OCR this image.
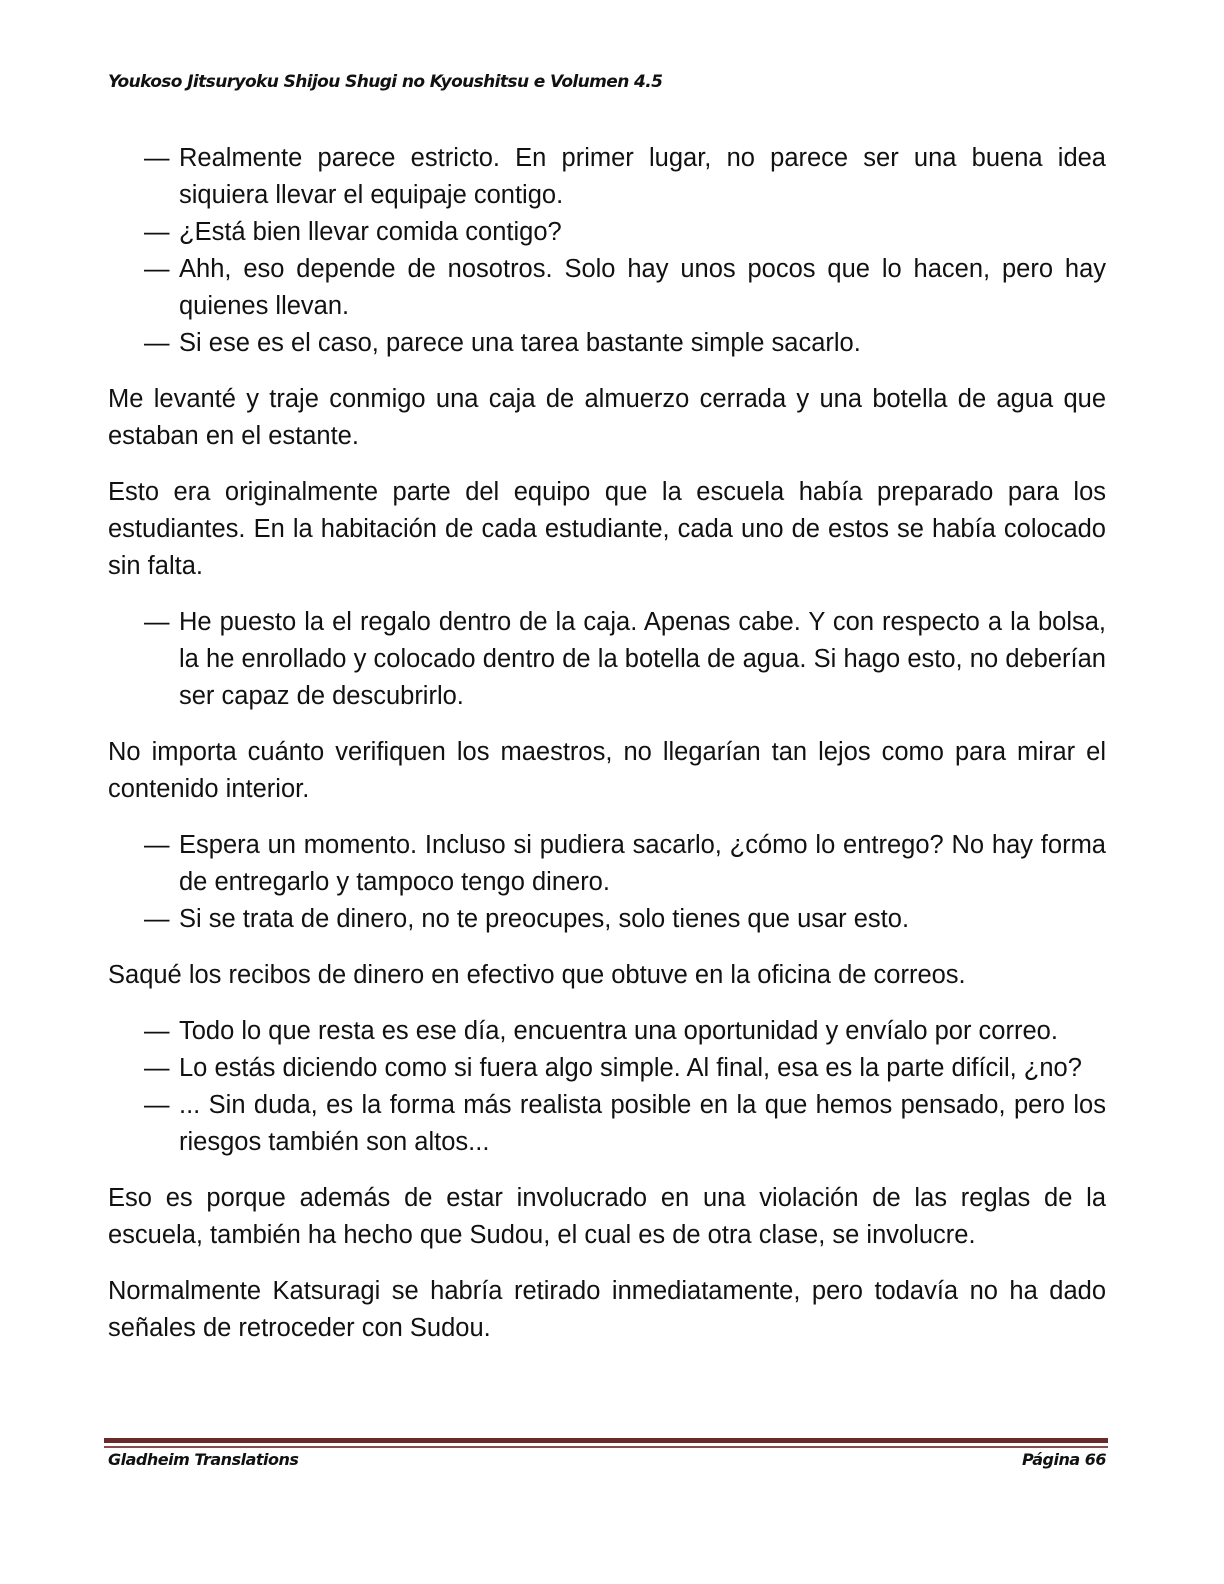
Youkoso Jitsuryoku Shijou Shugi no Kyoushitsu e Volumen 4.5
— Realmente parece estricto. En primer lugar, no parece ser una buena idea siquiera llevar el equipaje contigo.
— ¿Está bien llevar comida contigo?
— Ahh, eso depende de nosotros. Solo hay unos pocos que lo hacen, pero hay quienes llevan.
— Si ese es el caso, parece una tarea bastante simple sacarlo.

Me levanté y traje conmigo una caja de almuerzo cerrada y una botella de agua que estaban en el estante.

Esto era originalmente parte del equipo que la escuela había preparado para los estudiantes. En la habitación de cada estudiante, cada uno de estos se había colocado sin falta.

— He puesto la el regalo dentro de la caja. Apenas cabe. Y con respecto a la bolsa, la he enrollado y colocado dentro de la botella de agua. Si hago esto, no deberían ser capaz de descubrirlo.

No importa cuánto verifiquen los maestros, no llegarían tan lejos como para mirar el contenido interior.

— Espera un momento. Incluso si pudiera sacarlo, ¿cómo lo entrego? No hay forma de entregarlo y tampoco tengo dinero.
— Si se trata de dinero, no te preocupes, solo tienes que usar esto.

Saqué los recibos de dinero en efectivo que obtuve en la oficina de correos.

— Todo lo que resta es ese día, encuentra una oportunidad y envíalo por correo.
— Lo estás diciendo como si fuera algo simple. Al final, esa es la parte difícil, ¿no?
— ... Sin duda, es la forma más realista posible en la que hemos pensado, pero los riesgos también son altos...

Eso es porque además de estar involucrado en una violación de las reglas de la escuela, también ha hecho que Sudou, el cual es de otra clase, se involucre.

Normalmente Katsuragi se habría retirado inmediatamente, pero todavía no ha dado señales de retroceder con Sudou.

Gladheim Translations	Página 66
